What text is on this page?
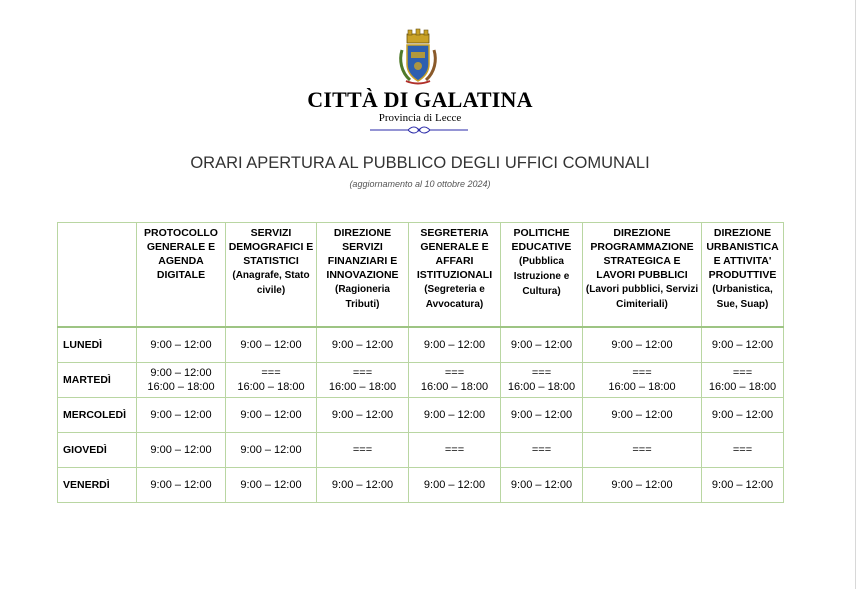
CITTÀ DI GALATINA
Provincia di Lecce
ORARI APERTURA AL PUBBLICO DEGLI UFFICI COMUNALI
(aggiornamento al 10 ottobre 2024)

	PROTOCOLLO GENERALE E AGENDA DIGITALE	SERVIZI DEMOGRAFICI E STATISTICI
(Anagrafe, Stato civile)	DIREZIONE SERVIZI FINANZIARI E INNOVAZIONE
(Ragioneria Tributi)	SEGRETERIA GENERALE E AFFARI ISTITUZIONALI
(Segreteria e Avvocatura)	POLITICHE EDUCATIVE
(Pubblica Istruzione e Cultura)	DIREZIONE PROGRAMMAZIONE STRATEGICA E LAVORI PUBBLICI
(Lavori pubblici, Servizi Cimiteriali)	DIREZIONE URBANISTICA E ATTIVITA' PRODUTTIVE
(Urbanistica, Sue, Suap)

LUNEDÌ	9:00 – 12:00	9:00 – 12:00	9:00 – 12:00	9:00 – 12:00	9:00 – 12:00	9:00 – 12:00	9:00 – 12:00

MARTEDÌ	9:00 – 12:00
16:00 – 18:00	===
16:00 – 18:00	===
16:00 – 18:00	===
16:00 – 18:00	===
16:00 – 18:00	===
16:00 – 18:00	===
16:00 – 18:00

MERCOLEDÌ	9:00 – 12:00	9:00 – 12:00	9:00 – 12:00	9:00 – 12:00	9:00 – 12:00	9:00 – 12:00	9:00 – 12:00

GIOVEDÌ	9:00 – 12:00	9:00 – 12:00	===	===	===	===	===

VENERDÌ	9:00 – 12:00	9:00 – 12:00	9:00 – 12:00	9:00 – 12:00	9:00 – 12:00	9:00 – 12:00	9:00 – 12:00
